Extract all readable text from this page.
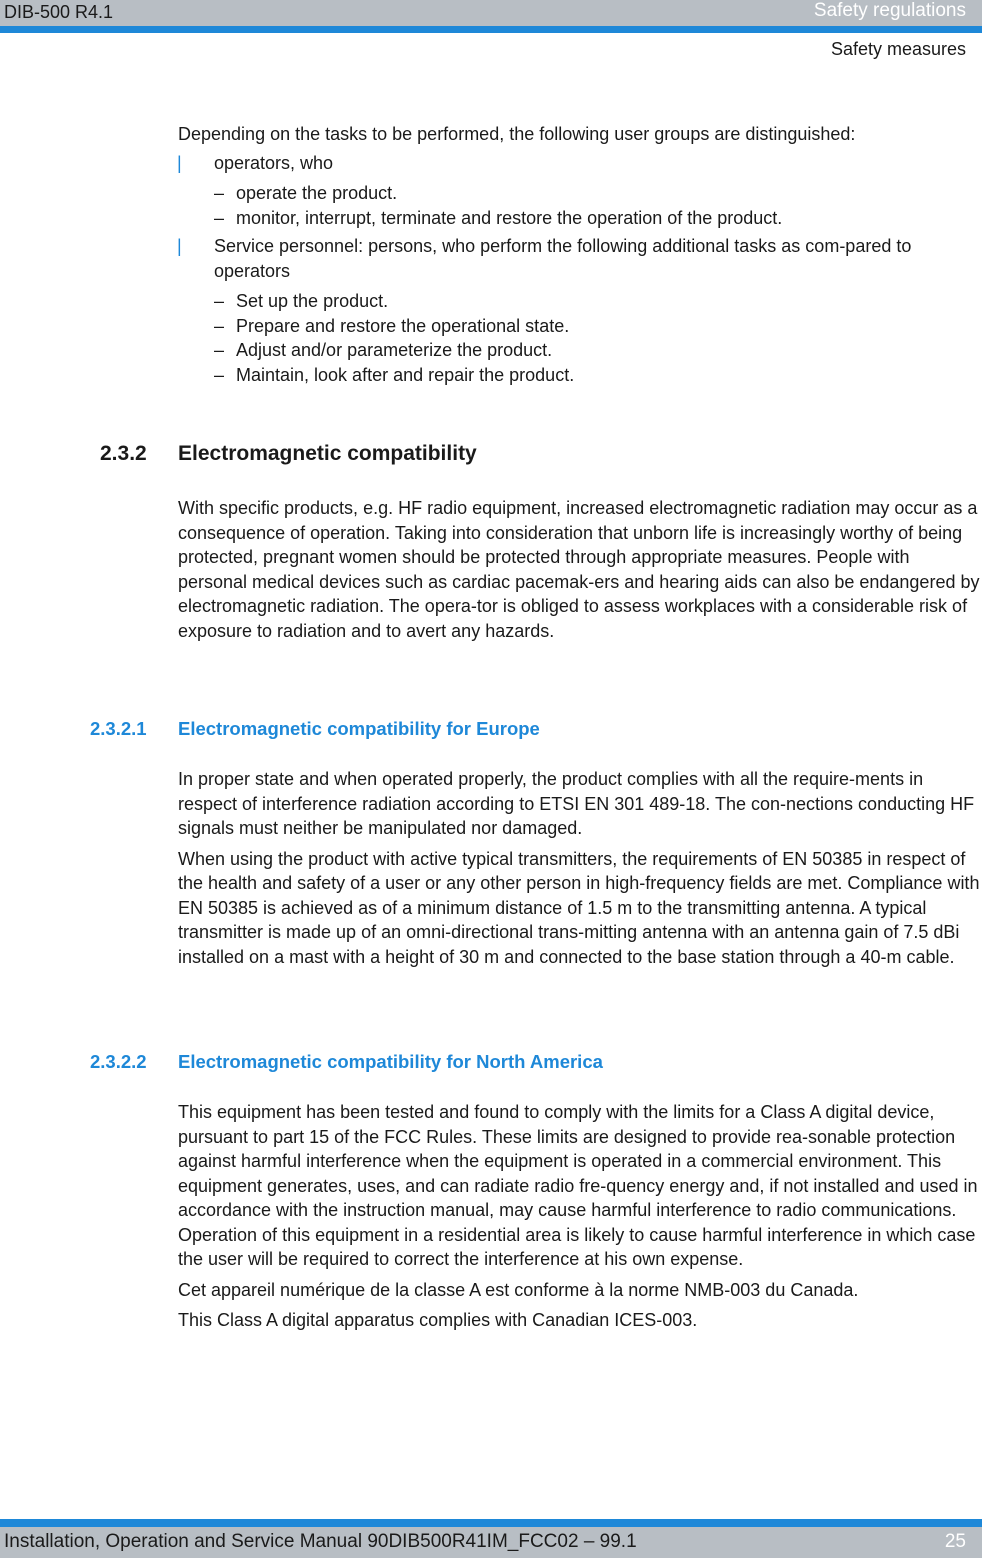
DIB-500 R4.1	Safety regulations
Safety measures

Depending on the tasks to be performed, the following user groups are distinguished:

| operators, who
– operate the product.
– monitor, interrupt, terminate and restore the operation of the product.
| Service personnel: persons, who perform the following additional tasks as com-pared to operators
– Set up the product.
– Prepare and restore the operational state.
– Adjust and/or parameterize the product.
– Maintain, look after and repair the product.
2.3.2 Electromagnetic compatibility

With specific products, e.g. HF radio equipment, increased electromagnetic radiation may occur as a consequence of operation. Taking into consideration that unborn life is increasingly worthy of being protected, pregnant women should be protected through appropriate measures. People with personal medical devices such as cardiac pacemak-ers and hearing aids can also be endangered by electromagnetic radiation. The opera-tor is obliged to assess workplaces with a considerable risk of exposure to radiation and to avert any hazards.

2.3.2.1 Electromagnetic compatibility for Europe

In proper state and when operated properly, the product complies with all the require-ments in respect of interference radiation according to ETSI EN 301 489-18. The con-nections conducting HF signals must neither be manipulated nor damaged.

When using the product with active typical transmitters, the requirements of EN 50385 in respect of the health and safety of a user or any other person in high-frequency fields are met. Compliance with EN 50385 is achieved as of a minimum distance of 1.5 m to the transmitting antenna. A typical transmitter is made up of an omni-directional trans-mitting antenna with an antenna gain of 7.5 dBi installed on a mast with a height of 30 m and connected to the base station through a 40-m cable.

2.3.2.2 Electromagnetic compatibility for North America

This equipment has been tested and found to comply with the limits for a Class A digital device, pursuant to part 15 of the FCC Rules. These limits are designed to provide rea-sonable protection against harmful interference when the equipment is operated in a commercial environment. This equipment generates, uses, and can radiate radio fre-quency energy and, if not installed and used in accordance with the instruction manual, may cause harmful interference to radio communications. Operation of this equipment in a residential area is likely to cause harmful interference in which case the user will be required to correct the interference at his own expense.

Cet appareil numérique de la classe A est conforme à la norme NMB-003 du Canada.

This Class A digital apparatus complies with Canadian ICES-003.

Installation, Operation and Service Manual 90DIB500R41IM_FCC02 – 99.1	25
